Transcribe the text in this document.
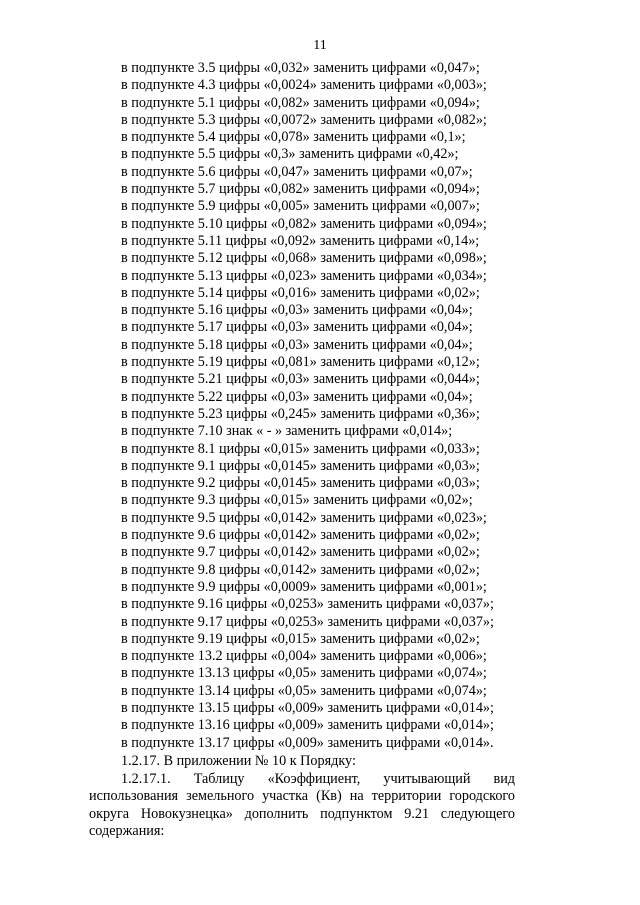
11
в подпункте 3.5 цифры «0,032» заменить цифрами «0,047»;
в подпункте 4.3 цифры «0,0024» заменить цифрами «0,003»;
в подпункте 5.1 цифры «0,082» заменить цифрами «0,094»;
в подпункте 5.3 цифры «0,0072» заменить цифрами «0,082»;
в подпункте 5.4 цифры «0,078» заменить цифрами «0,1»;
в подпункте 5.5 цифры «0,3» заменить цифрами «0,42»;
в подпункте 5.6 цифры «0,047» заменить цифрами «0,07»;
в подпункте 5.7 цифры «0,082» заменить цифрами «0,094»;
в подпункте 5.9 цифры «0,005» заменить цифрами «0,007»;
в подпункте 5.10 цифры «0,082» заменить цифрами «0,094»;
в подпункте 5.11 цифры «0,092» заменить цифрами «0,14»;
в подпункте 5.12 цифры «0,068» заменить цифрами «0,098»;
в подпункте 5.13 цифры «0,023» заменить цифрами «0,034»;
в подпункте 5.14 цифры «0,016» заменить цифрами «0,02»;
в подпункте 5.16 цифры «0,03» заменить цифрами «0,04»;
в подпункте 5.17 цифры «0,03» заменить цифрами «0,04»;
в подпункте 5.18 цифры «0,03» заменить цифрами «0,04»;
в подпункте 5.19 цифры «0,081» заменить цифрами «0,12»;
в подпункте 5.21 цифры «0,03» заменить цифрами «0,044»;
в подпункте 5.22 цифры «0,03» заменить цифрами «0,04»;
в подпункте 5.23 цифры «0,245» заменить цифрами «0,36»;
в подпункте 7.10 знак « - » заменить цифрами «0,014»;
в подпункте 8.1 цифры «0,015» заменить цифрами «0,033»;
в подпункте 9.1 цифры «0,0145» заменить цифрами «0,03»;
в подпункте 9.2 цифры «0,0145» заменить цифрами «0,03»;
в подпункте 9.3 цифры «0,015» заменить цифрами «0,02»;
в подпункте 9.5 цифры «0,0142» заменить цифрами «0,023»;
в подпункте 9.6 цифры «0,0142» заменить цифрами «0,02»;
в подпункте 9.7 цифры «0,0142» заменить цифрами «0,02»;
в подпункте 9.8 цифры «0,0142» заменить цифрами «0,02»;
в подпункте 9.9 цифры «0,0009» заменить цифрами «0,001»;
в подпункте 9.16 цифры «0,0253» заменить цифрами «0,037»;
в подпункте 9.17 цифры «0,0253» заменить цифрами «0,037»;
в подпункте 9.19 цифры «0,015» заменить цифрами «0,02»;
в подпункте 13.2 цифры «0,004» заменить цифрами «0,006»;
в подпункте 13.13 цифры «0,05» заменить цифрами «0,074»;
в подпункте 13.14 цифры «0,05» заменить цифрами «0,074»;
в подпункте 13.15 цифры «0,009» заменить цифрами «0,014»;
в подпункте 13.16 цифры «0,009» заменить цифрами «0,014»;
в подпункте 13.17 цифры «0,009» заменить цифрами «0,014».

1.2.17. В приложении № 10 к Порядку:

1.2.17.1. Таблицу «Коэффициент, учитывающий вид использования земельного участка (Кв) на территории городского округа Новокузнецка» дополнить подпунктом 9.21 следующего содержания:
